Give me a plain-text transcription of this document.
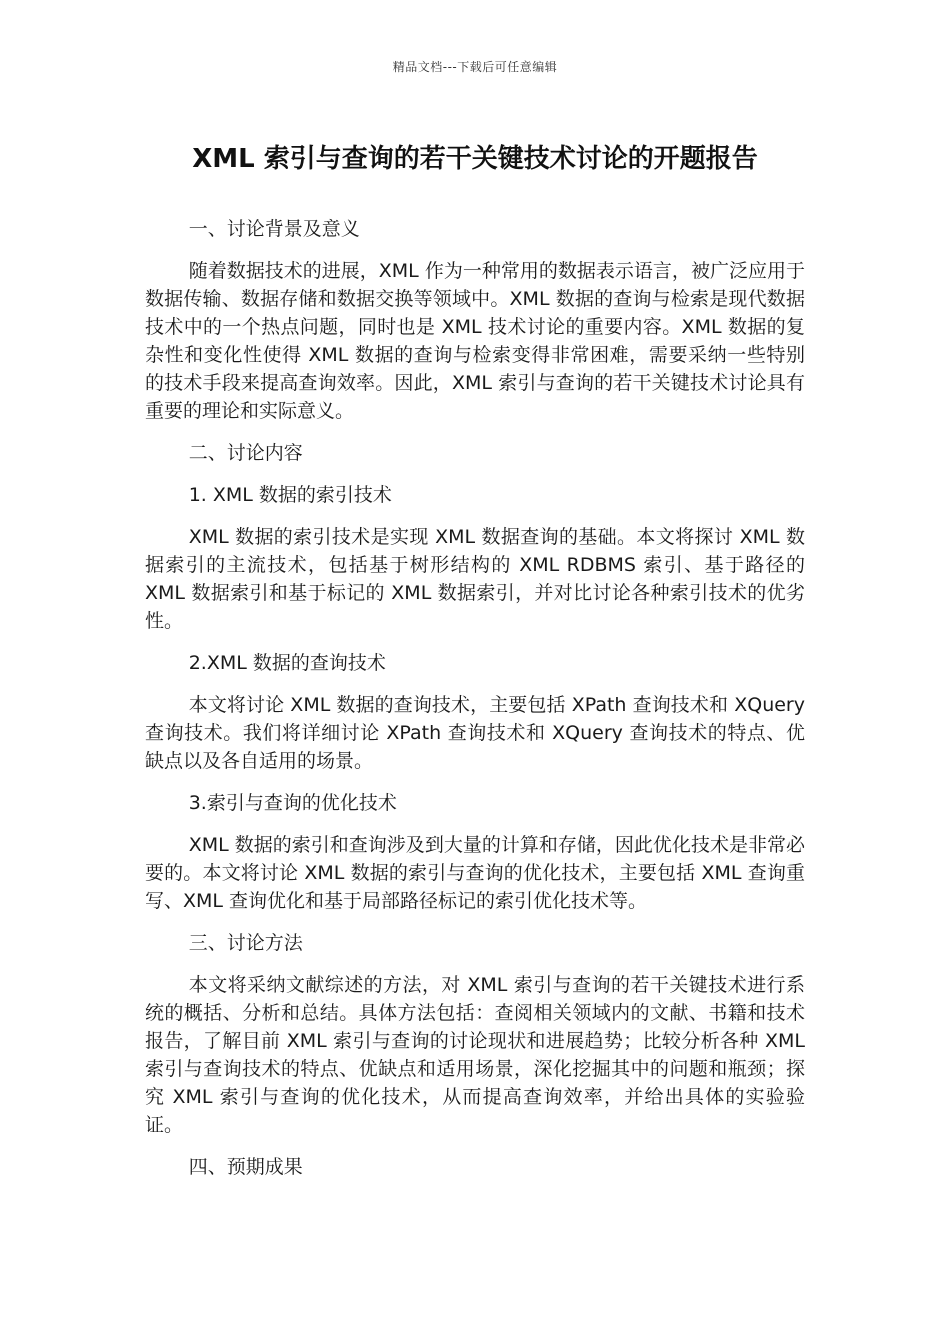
精品文档---下载后可任意编辑
XML 索引与查询的若干关键技术讨论的开题报告

一、讨论背景及意义

随着数据技术的进展，XML 作为一种常用的数据表示语言，被广泛应用于数据传输、数据存储和数据交换等领域中。XML 数据的查询与检索是现代数据技术中的一个热点问题，同时也是 XML 技术讨论的重要内容。XML 数据的复杂性和变化性使得 XML 数据的查询与检索变得非常困难，需要采纳一些特别的技术手段来提高查询效率。因此，XML 索引与查询的若干关键技术讨论具有重要的理论和实际意义。

二、讨论内容

1. XML 数据的索引技术

XML 数据的索引技术是实现 XML 数据查询的基础。本文将探讨 XML 数据索引的主流技术，包括基于树形结构的 XML RDBMS 索引、基于路径的 XML 数据索引和基于标记的 XML 数据索引，并对比讨论各种索引技术的优劣性。

2.XML 数据的查询技术

本文将讨论 XML 数据的查询技术，主要包括 XPath 查询技术和 XQuery 查询技术。我们将详细讨论 XPath 查询技术和 XQuery 查询技术的特点、优缺点以及各自适用的场景。

3.索引与查询的优化技术

XML 数据的索引和查询涉及到大量的计算和存储，因此优化技术是非常必要的。本文将讨论 XML 数据的索引与查询的优化技术，主要包括 XML 查询重写、XML 查询优化和基于局部路径标记的索引优化技术等。

三、讨论方法

本文将采纳文献综述的方法，对 XML 索引与查询的若干关键技术进行系统的概括、分析和总结。具体方法包括：查阅相关领域内的文献、书籍和技术报告，了解目前 XML 索引与查询的讨论现状和进展趋势；比较分析各种 XML 索引与查询技术的特点、优缺点和适用场景，深化挖掘其中的问题和瓶颈；探究 XML 索引与查询的优化技术，从而提高查询效率，并给出具体的实验验证。

四、预期成果
